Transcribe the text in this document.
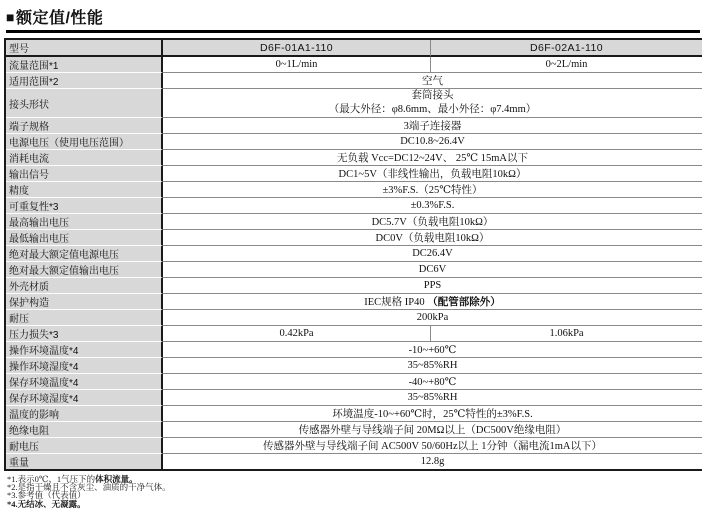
■ 额定值/性能
型号	D6F-01A1-110	D6F-02A1-110
流量范围*1	0~1L/min	0~2L/min
适用范围*2	空气	
接头形状	套筒接头
（最大外径：φ8.6mm、最小外径：φ7.4mm）	

端子规格	3端子连接器	
电源电压（使用电压范围）	DC10.8~26.4V	
消耗电流	无负载 Vcc=DC12~24V、 25℃ 15mA以下	
输出信号	DC1~5V（非线性输出，负载电阻10kΩ）	
精度	±3%F.S.（25℃特性）	
可重复性*3	±0.3%F.S.	
最高输出电压	DC5.7V（负载电阻10kΩ）	
最低输出电压	DC0V（负载电阻10kΩ）	
绝对最大额定值电源电压	DC26.4V	
绝对最大额定值输出电压	DC6V	
外壳材质	PPS	
保护构造	IEC规格 IP40 （配管部除外）	
耐压	200kPa	
压力损失*3	0.42kPa	1.06kPa
操作环境温度*4	-10~+60℃	
操作环境湿度*4	35~85%RH	
保存环境温度*4	-40~+80℃	
保存环境湿度*4	35~85%RH	
温度的影响	环境温度-10~+60℃时，25℃特性的±3%F.S.	
绝缘电阻	传感器外壁与导线端子间 20MΩ以上（DC500V绝缘电阻）	
耐电压	传感器外壁与导线端子间 AC500V 50/60Hz以上 1分钟（漏电流1mA以下）	
重量	12.8g	
*1.表示0℃、1气压下的体积流量。
*2.是指干燥且不含灰尘、油质的干净气体。
*3.参考值（代表值）
*4.无结冰、无凝露。
